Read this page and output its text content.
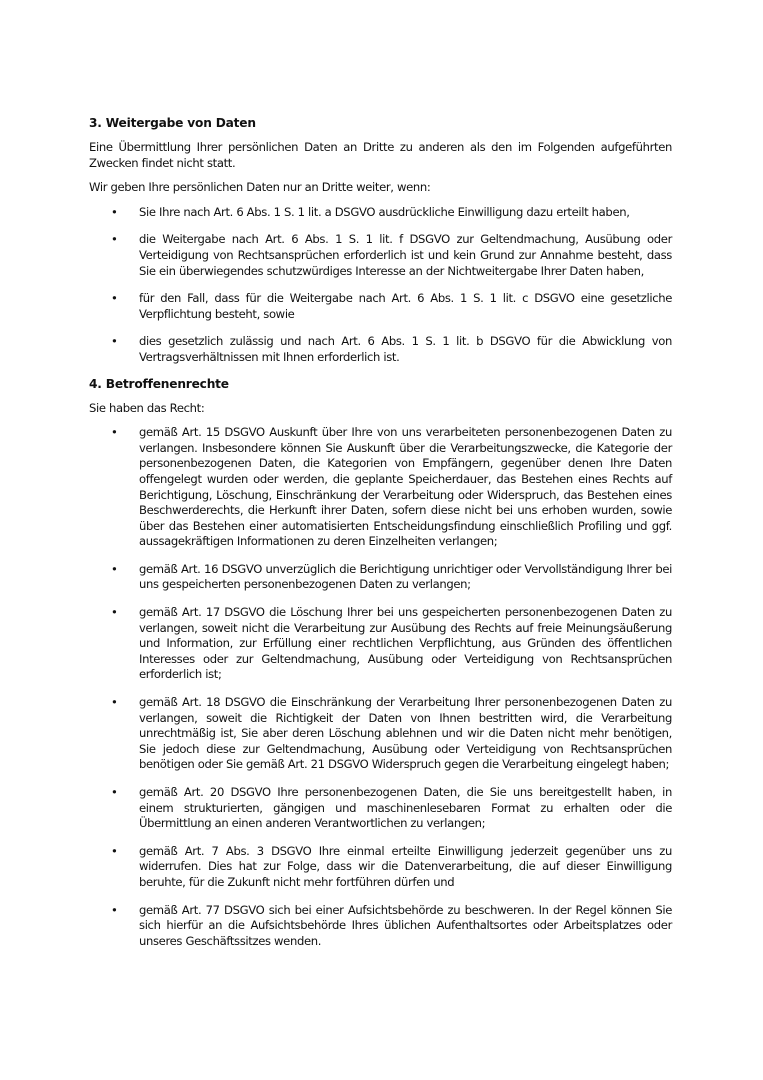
3. Weitergabe von Daten

Eine Übermittlung Ihrer persönlichen Daten an Dritte zu anderen als den im Folgenden aufgeführten Zwecken findet nicht statt.

Wir geben Ihre persönlichen Daten nur an Dritte weiter, wenn:

•	Sie Ihre nach Art. 6 Abs. 1 S. 1 lit. a DSGVO ausdrückliche Einwilligung dazu erteilt haben,
•	die Weitergabe nach Art. 6 Abs. 1 S. 1 lit. f DSGVO zur Geltendmachung, Ausübung oder Verteidigung von Rechtsansprüchen erforderlich ist und kein Grund zur Annahme besteht, dass Sie ein überwiegendes schutzwürdiges Interesse an der Nichtweitergabe Ihrer Daten haben,
•	für den Fall, dass für die Weitergabe nach Art. 6 Abs. 1 S. 1 lit. c DSGVO eine gesetzliche Verpflichtung besteht, sowie
•	dies gesetzlich zulässig und nach Art. 6 Abs. 1 S. 1 lit. b DSGVO für die Abwicklung von Vertragsverhältnissen mit Ihnen erforderlich ist.
4. Betroffenenrechte

Sie haben das Recht:

•	gemäß Art. 15 DSGVO Auskunft über Ihre von uns verarbeiteten personenbezogenen Daten zu verlangen. Insbesondere können Sie Auskunft über die Verarbeitungszwecke, die Kategorie der personenbezogenen Daten, die Kategorien von Empfängern, gegenüber denen Ihre Daten offengelegt wurden oder werden, die geplante Speicherdauer, das Bestehen eines Rechts auf Berichtigung, Löschung, Einschränkung der Verarbeitung oder Widerspruch, das Bestehen eines Beschwerderechts, die Herkunft ihrer Daten, sofern diese nicht bei uns erhoben wurden, sowie über das Bestehen einer automatisierten Entscheidungsfindung einschließlich Profiling und ggf. aussagekräftigen Informationen zu deren Einzelheiten verlangen;
•	gemäß Art. 16 DSGVO unverzüglich die Berichtigung unrichtiger oder Vervollständigung Ihrer bei uns gespeicherten personenbezogenen Daten zu verlangen;
•	gemäß Art. 17 DSGVO die Löschung Ihrer bei uns gespeicherten personenbezogenen Daten zu verlangen, soweit nicht die Verarbeitung zur Ausübung des Rechts auf freie Meinungsäußerung und Information, zur Erfüllung einer rechtlichen Verpflichtung, aus Gründen des öffentlichen Interesses oder zur Geltendmachung, Ausübung oder Verteidigung von Rechtsansprüchen erforderlich ist;
•	gemäß Art. 18 DSGVO die Einschränkung der Verarbeitung Ihrer personenbezogenen Daten zu verlangen, soweit die Richtigkeit der Daten von Ihnen bestritten wird, die Verarbeitung unrechtmäßig ist, Sie aber deren Löschung ablehnen und wir die Daten nicht mehr benötigen, Sie jedoch diese zur Geltendmachung, Ausübung oder Verteidigung von Rechtsansprüchen benötigen oder Sie gemäß Art. 21 DSGVO Widerspruch gegen die Verarbeitung eingelegt haben;
•	gemäß Art. 20 DSGVO Ihre personenbezogenen Daten, die Sie uns bereitgestellt haben, in einem strukturierten, gängigen und maschinenlesebaren Format zu erhalten oder die Übermittlung an einen anderen Verantwortlichen zu verlangen;
•	gemäß Art. 7 Abs. 3 DSGVO Ihre einmal erteilte Einwilligung jederzeit gegenüber uns zu widerrufen. Dies hat zur Folge, dass wir die Datenverarbeitung, die auf dieser Einwilligung beruhte, für die Zukunft nicht mehr fortführen dürfen und
•	gemäß Art. 77 DSGVO sich bei einer Aufsichtsbehörde zu beschweren. In der Regel können Sie sich hierfür an die Aufsichtsbehörde Ihres üblichen Aufenthaltsortes oder Arbeitsplatzes oder unseres Geschäftssitzes wenden.
